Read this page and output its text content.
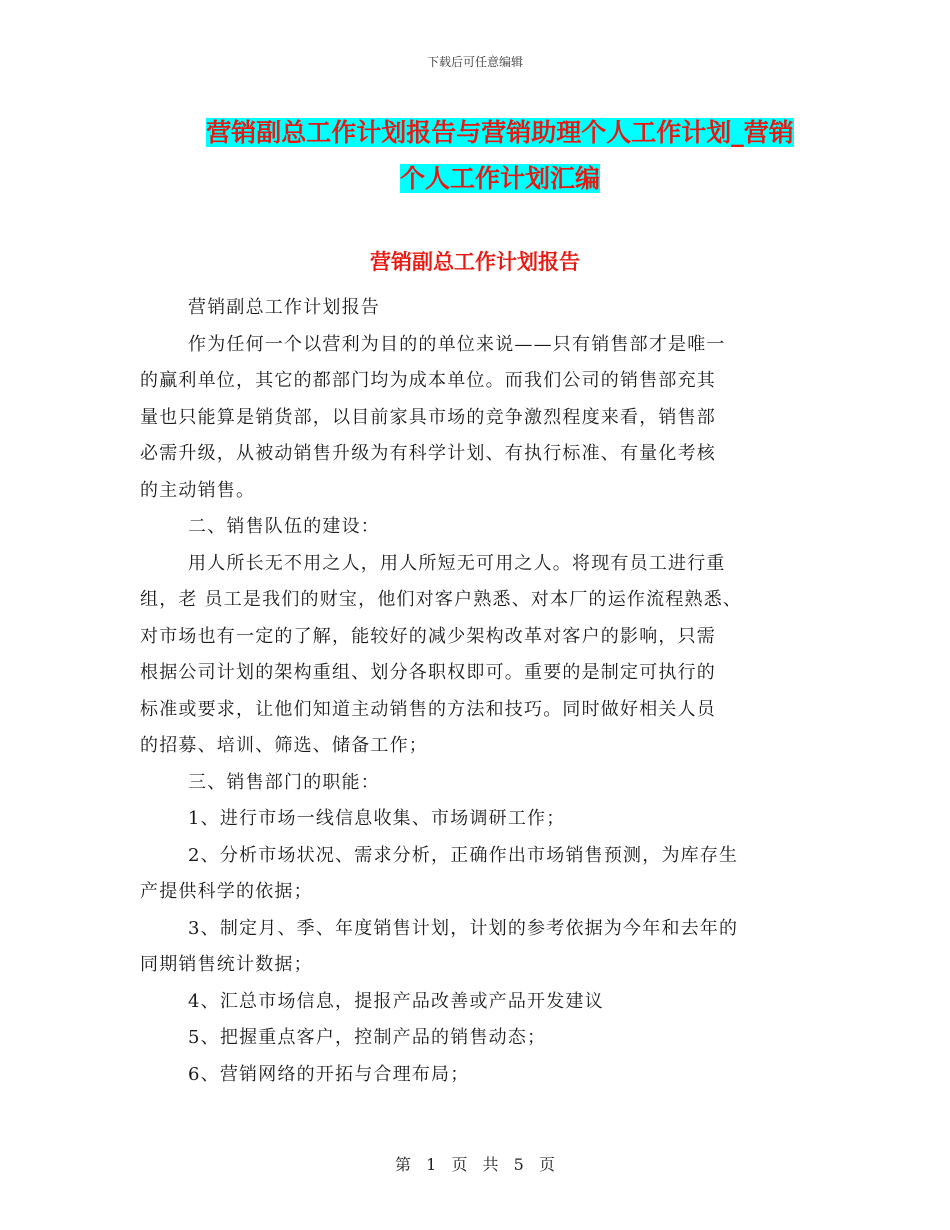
下载后可任意编辑
营销副总工作计划报告与营销助理个人工作计划_营销
个人工作计划汇编
营销副总工作计划报告

营销副总工作计划报告

作为任何一个以营利为目的的单位来说——只有销售部才是唯一
的赢利单位，其它的都部门均为成本单位。而我们公司的销售部充其
量也只能算是销货部，以目前家具市场的竞争激烈程度来看，销售部
必需升级，从被动销售升级为有科学计划、有执行标准、有量化考核
的主动销售。

二、销售队伍的建设：

用人所长无不用之人，用人所短无可用之人。将现有员工进行重
组，老 员工是我们的财宝，他们对客户熟悉、对本厂的运作流程熟悉、
对市场也有一定的了解，能较好的减少架构改革对客户的影响，只需
根据公司计划的架构重组、划分各职权即可。重要的是制定可执行的
标准或要求，让他们知道主动销售的方法和技巧。同时做好相关人员
的招募、培训、筛选、储备工作；

三、销售部门的职能：

1、进行市场一线信息收集、市场调研工作；

2、分析市场状况、需求分析，正确作出市场销售预测，为库存生
产提供科学的依据；

3、制定月、季、年度销售计划，计划的参考依据为今年和去年的
同期销售统计数据；

4、汇总市场信息，提报产品改善或产品开发建议

5、把握重点客户，控制产品的销售动态；

6、营销网络的开拓与合理布局；

第 1 页 共 5 页
